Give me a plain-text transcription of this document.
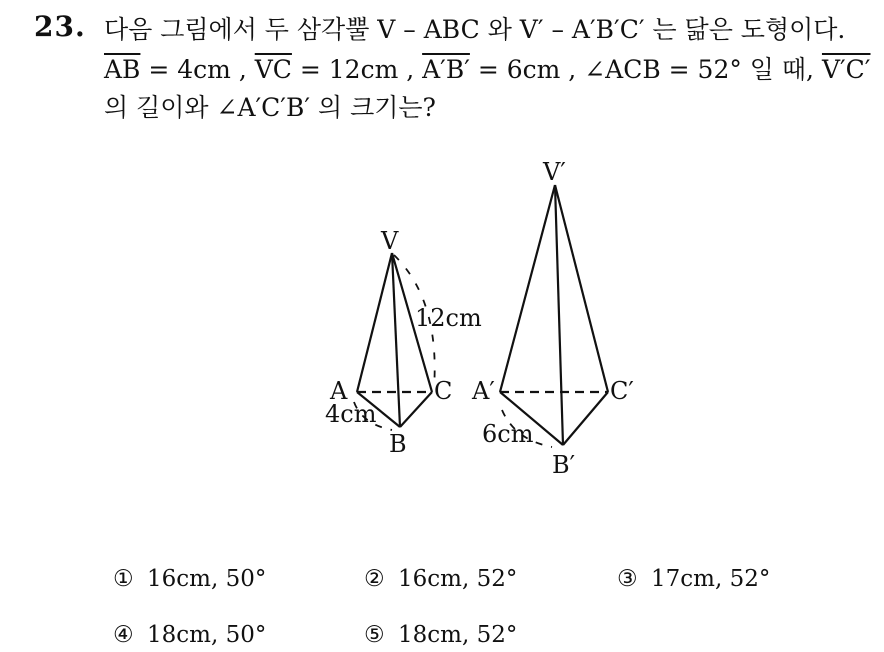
23. 다음 그림에서 두 삼각뿔 V – ABC 와 V′ – A′B′C′ 는 닮은 도형이다.
$\overline{AB} = 4cm$ , $\overline{VC} = 12cm$ , A′B′ = 6cm , ∠ACB = 52° 일 때, V′C′
의 길이와 ∠A′C′B′ 의 크기는?
V
A
B
C
12cm
4cm
V′
A′
B′
C′
6cm
① 16cm, 50°	② 16cm, 52°	③ 17cm, 52°
④ 18cm, 50°	⑤ 18cm, 52°
